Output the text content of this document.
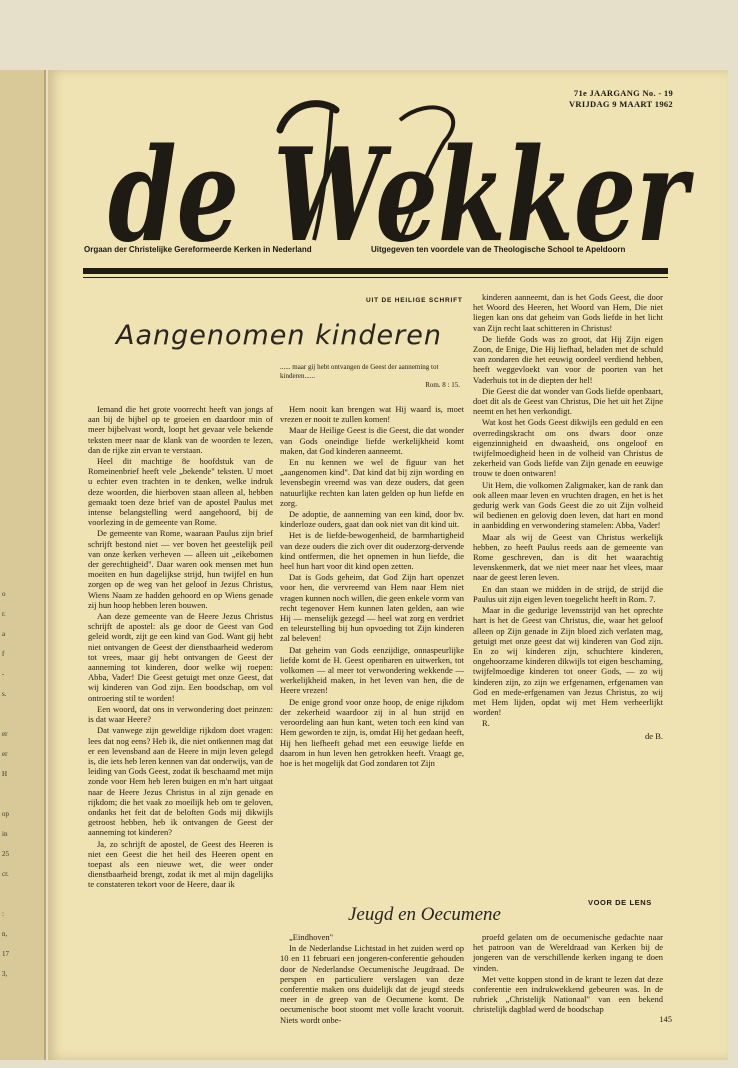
o
r.
a
f
-
s.
er
er
H
op
in
25
cr.
:
n,
17
3,
71e JAARGANG No. - 19
VRIJDAG 9 MAART 1962
de Wekker
Orgaan der Christelijke Gereformeerde Kerken in Nederland	Uitgegeven ten voordele van de Theologische School te Apeldoorn
UIT DE HEILIGE SCHRIFT
Aangenomen kinderen
...... maar gij hebt ontvangen de Geest der aanneming tot kinderen......
Rom. 8 : 15.

Iemand die het grote voorrecht heeft van jongs af aan bij de bijbel op te groeien en daardoor min of meer bijbelvast wordt, loopt het gevaar vele bekende teksten meer naar de klank van de woorden te lezen, dan de rijke zin ervan te verstaan.

Heel dit machtige 8e hoofdstuk van de Romeinenbrief heeft vele „bekende" teksten. U moet u echter even trachten in te denken, welke indruk deze woorden, die hierboven staan alleen al, hebben gemaakt toen deze brief van de apostel Paulus met intense belangstelling werd aangehoord, bij de voorlezing in de gemeente van Rome.

De gemeente van Rome, waaraan Paulus zijn brief schrijft bestond niet — ver boven het geestelijk peil van onze kerken verheven — alleen uit „eikebomen der gerechtigheid". Daar waren ook mensen met hun moeiten en hun dagelijkse strijd, hun twijfel en hun zorgen op de weg van het geloof in Jezus Christus, Wiens Naam ze hadden gehoord en op Wiens genade zij hun hoop hebben leren bouwen.

Aan deze gemeente van de Heere Jezus Christus schrijft de apostel: als ge door de Geest van God geleid wordt, zijt ge een kind van God. Want gij hebt niet ontvangen de Geest der dienstbaarheid wederom tot vrees, maar gij hebt ontvangen de Geest der aanneming tot kinderen, door welke wij roepen: Abba, Vader! Die Geest getuigt met onze Geest, dat wij kinderen van God zijn. Een boodschap, om vol ontroering stil te worden!

Een woord, dat ons in verwondering doet peinzen: is dat waar Heere?

Dat vanwege zijn geweldige rijkdom doet vragen: lees dat nog eens? Heb ik, die niet ontkennen mag dat er een levensband aan de Heere in mijn leven gelegd is, die iets heb leren kennen van dat onderwijs, van de leiding van Gods Geest, zodat ik beschaamd met mijn zonde voor Hem heb leren buigen en m'n hart uitgaat naar de Heere Jezus Christus in al zijn genade en rijkdom; die het vaak zo moeilijk heb om te geloven, ondanks het feit dat de beloften Gods mij dikwijls getroost hebben, heb ik ontvangen de Geest der aanneming tot kinderen?

Ja, zo schrijft de apostel, de Geest des Heeren is niet een Geest die het heil des Heeren opent en toepast als een nieuwe wet, die weer onder dienstbaarheid brengt, zodat ik met al mijn dagelijks te constateren tekort voor de Heere, daar ik

Hem nooit kan brengen wat Hij waard is, moet vrezen er nooit te zullen komen!

Maar de Heilige Geest is die Geest, die dat wonder van Gods oneindige liefde werkelijkheid komt maken, dat God kinderen aanneemt.

En nu kennen we wel de figuur van het „aangenomen kind". Dat kind dat bij zijn wording en levensbegin vreemd was van deze ouders, dat geen natuurlijke rechten kan laten gelden op hun liefde en zorg.

De adoptie, de aanneming van een kind, door bv. kinderloze ouders, gaat dan ook niet van dit kind uit.

Het is de liefde-bewogenheid, de barmhartigheid van deze ouders die zich over dit ouderzorg-dervende kind ontfermen, die het opnemen in hun liefde, die heel hun hart voor dit kind open zetten.

Dat is Gods geheim, dat God Zijn hart openzet voor hen, die vervreemd van Hem naar Hem niet vragen kunnen noch willen, die geen enkele vorm van recht tegenover Hem kunnen laten gelden, aan wie Hij — menselijk gezegd — heel wat zorg en verdriet en teleurstelling bij hun opvoeding tot Zijn kinderen zal beleven!

Dat geheim van Gods eenzijdige, onnaspeurlijke liefde komt de H. Geest openbaren en uitwerken, tot volkomen — al meer tot verwondering wekkende — werkelijkheid maken, in het leven van hen, die de Heere vrezen!

De enige grond voor onze hoop, de enige rijkdom der zekerheid waardoor zij in al hun strijd en veroordeling aan hun kant, weten toch een kind van Hem geworden te zijn, is, omdat Hij het gedaan heeft, Hij hen liefheeft gehad met een eeuwige liefde en daarom in hun leven hen getrokken heeft. Vraagt ge, hoe is het mogelijk dat God zondaren tot Zijn

kinderen aanneemt, dan is het Gods Geest, die door het Woord des Heeren, het Woord van Hem, Die niet liegen kan ons dat geheim van Gods liefde in het licht van Zijn recht laat schitteren in Christus!

De liefde Gods was zo groot, dat Hij Zijn eigen Zoon, de Enige, Die Hij liefhad, beladen met de schuld van zondaren die het eeuwig oordeel verdiend hebben, heeft weggevloekt van voor de poorten van het Vaderhuis tot in de diepten der hel!

Die Geest die dat wonder van Gods liefde openbaart, doet dit als de Geest van Christus, Die het uit het Zijne neemt en het hen verkondigt.

Wat kost het Gods Geest dikwijls een geduld en een overredingskracht om ons dwars door onze eigenzinnigheid en dwaasheid, ons ongeloof en twijfelmoedigheid heen in de volheid van Christus de zekerheid van Gods liefde van Zijn genade en eeuwige trouw te doen ontwaren!

Uit Hem, die volkomen Zaligmaker, kan de rank dan ook alleen maar leven en vruchten dragen, en het is het gedurig werk van Gods Geest die zo uit Zijn volheid wil bedienen en gelovig doen leven, dat hart en mond in aanbidding en verwondering stamelen: Abba, Vader!

Maar als wij de Geest van Christus werkelijk hebben, zo heeft Paulus reeds aan de gemeente van Rome geschreven, dan is dit het waarachtig levenskenmerk, dat we niet meer naar het vlees, maar naar de geest leren leven.

En dan staan we midden in de strijd, de strijd die Paulus uit zijn eigen leven toegelicht heeft in Rom. 7.

Maar in die gedurige levensstrijd van het oprechte hart is het de Geest van Christus, die, waar het geloof alleen op Zijn genade in Zijn bloed zich verlaten mag, getuigt met onze geest dat wij kinderen van God zijn. En zo wij kinderen zijn, schuchtere kinderen, ongehoorzame kinderen dikwijls tot eigen beschaming, twijfelmoedige kinderen tot oneer Gods, — zo wij kinderen zijn, zo zijn we erfgenamen, erfgenamen van God en mede-erfgenamen van Jezus Christus, zo wij met Hem lijden, opdat wij met Hem verheerlijkt worden!

R.

de B.
VOOR DE LENS
Jeugd en Oecumene

„Eindhoven"

In de Nederlandse Lichtstad in het zuiden werd op 10 en 11 februari een jongeren-conferentie gehouden door de Nederlandse Oecumenische Jeugdraad. De perspen en particuliere verslagen van deze conferentie maken ons duidelijk dat de jeugd steeds meer in de greep van de Oecumene komt. De oecumenische boot stoomt met volle kracht vooruit. Niets wordt onbe-

proefd gelaten om de oecumenische gedachte naar het patroon van de Wereldraad van Kerken bij de jongeren van de verschillende kerken ingang te doen vinden.

Met vette koppen stond in de krant te lezen dat deze conferentie een indrukwekkend gebeuren was. In de rubriek „Christelijk Nationaal" van een bekend christelijk dagblad werd de boodschap

145
